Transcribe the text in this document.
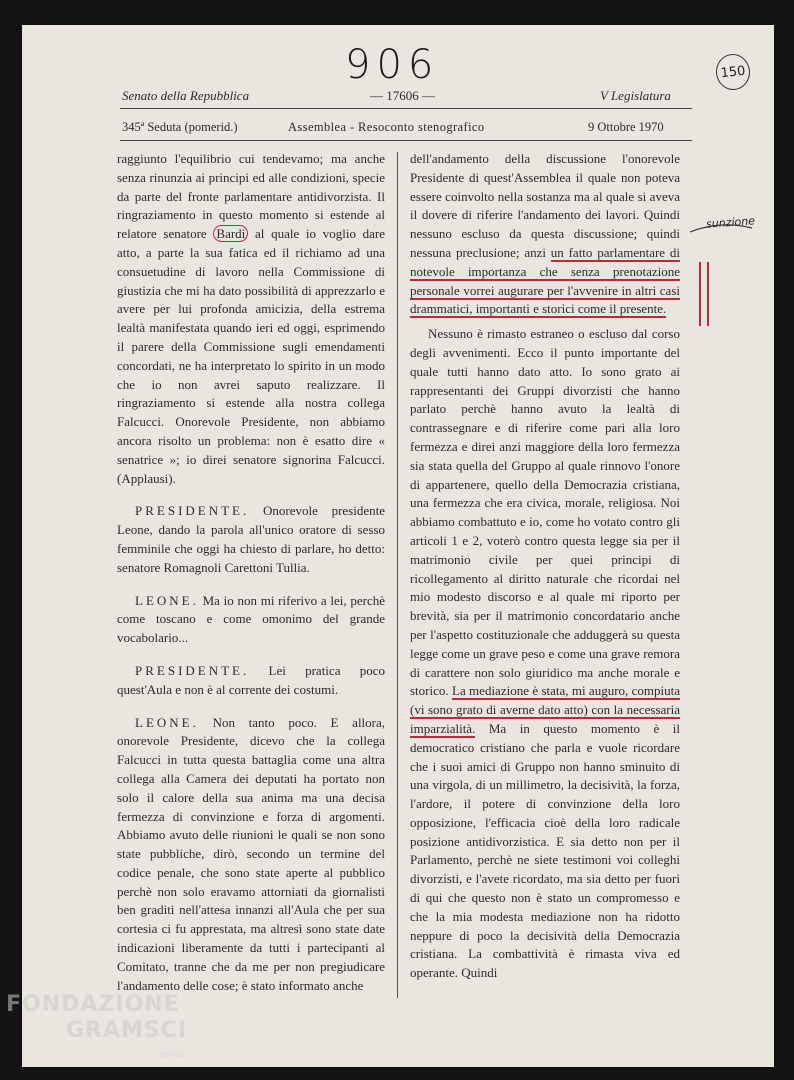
906	150
Senato della Repubblica	— 17606 —	V Legislatura
345ª Seduta (pomerid.)	Assemblea - Resoconto stenografico	9 Ottobre 1970

raggiunto l'equilibrio cui tendevamo; ma anche senza rinunzia ai principi ed alle condizioni, specie da parte del fronte parlamentare antidivorzista. Il ringraziamento in questo momento si estende al relatore senatore Bardi al quale io voglio dare atto, a parte la sua fatica ed il richiamo ad una consuetudine di lavoro nella Commissione di giustizia che mi ha dato possibilità di apprezzarlo e avere per lui profonda amicizia, della estrema lealtà manifestata quando ieri ed oggi, esprimendo il parere della Commissione sugli emendamenti concordati, ne ha interpretato lo spirito in un modo che io non avrei saputo realizzare. Il ringraziamento si estende alla nostra collega Falcucci. Onorevole Presidente, non abbiamo ancora risolto un problema: non è esatto dire « senatrice »; io direi senatore signorina Falcucci. (Applausi).

PRESIDENTE. Onorevole presidente Leone, dando la parola all'unico oratore di sesso femminile che oggi ha chiesto di parlare, ho detto: senatore Romagnoli Carettoni Tullia.

LEONE. Ma io non mi riferivo a lei, perchè come toscano e come omonimo del grande vocabolario...

PRESIDENTE. Lei pratica poco quest'Aula e non è al corrente dei costumi.

LEONE. Non tanto poco. E allora, onorevole Presidente, dicevo che la collega Falcucci in tutta questa battaglia come una altra collega alla Camera dei deputati ha portato non solo il calore della sua anima ma una decisa fermezza di convinzione e forza di argomenti. Abbiamo avuto delle riunioni le quali se non sono state pubbliche, dirò, secondo un termine del codice penale, che sono state aperte al pubblico perchè non solo eravamo attorniati da giornalisti ben graditi nell'attesa innanzi all'Aula che per sua cortesia ci fu apprestata, ma altresì sono state date indicazioni liberamente da tutti i partecipanti al Comitato, tranne che da me per non pregiudicare l'andamento delle cose; è stato informato anche

dell'andamento della discussione l'onorevole Presidente di quest'Assemblea il quale non poteva essere coinvolto nella sostanza ma al quale si aveva il dovere di riferire l'andamento dei lavori. Quindi nessuno escluso da questa discussione; quindi nessuna preclusione; anzi un fatto parlamentare di notevole importanza che senza prenotazione personale vorrei augurare per l'avvenire in altri casi drammatici, importanti e storici come il presente.

Nessuno è rimasto estraneo o escluso dal corso degli avvenimenti. Ecco il punto importante del quale tutti hanno dato atto. Io sono grato ai rappresentanti dei Gruppi divorzisti che hanno parlato perchè hanno avuto la lealtà di contrassegnare e di riferire come pari alla loro fermezza e direi anzi maggiore della loro fermezza sia stata quella del Gruppo al quale rinnovo l'onore di appartenere, quello della Democrazia cristiana, una fermezza che era civica, morale, religiosa. Noi abbiamo combattuto e io, come ho votato contro gli articoli 1 e 2, voterò contro questa legge sia per il matrimonio civile per quei principi di ricollegamento al diritto naturale che ricordai nel mio modesto discorso e al quale mi riporto per brevità, sia per il matrimonio concordatario anche per l'aspetto costituzionale che adduggerà su questa legge come un grave peso e come una grave remora di carattere non solo giuridico ma anche morale e storico. La mediazione è stata, mi auguro, compiuta (vi sono grato di averne dato atto) con la necessaria imparzialità. Ma in questo momento è il democratico cristiano che parla e vuole ricordare che i suoi amici di Gruppo non hanno sminuito di una virgola, di un millimetro, la decisività, la forza, l'ardore, il potere di convinzione della loro opposizione, l'efficacia cioè della loro radicale posizione antidivorzistica. E sia detto non per il Parlamento, perchè ne siete testimoni voi colleghi divorzisti, e l'avete ricordato, ma sia detto per fuori di qui che questo non è stato un compromesso e che la mia modesta mediazione non ha ridotto neppure di poco la decisività della Democrazia cristiana. La combattività è rimasta viva ed operante. Quindi

sunzione
FONDAZIONE
GRAMSCI
onlus
